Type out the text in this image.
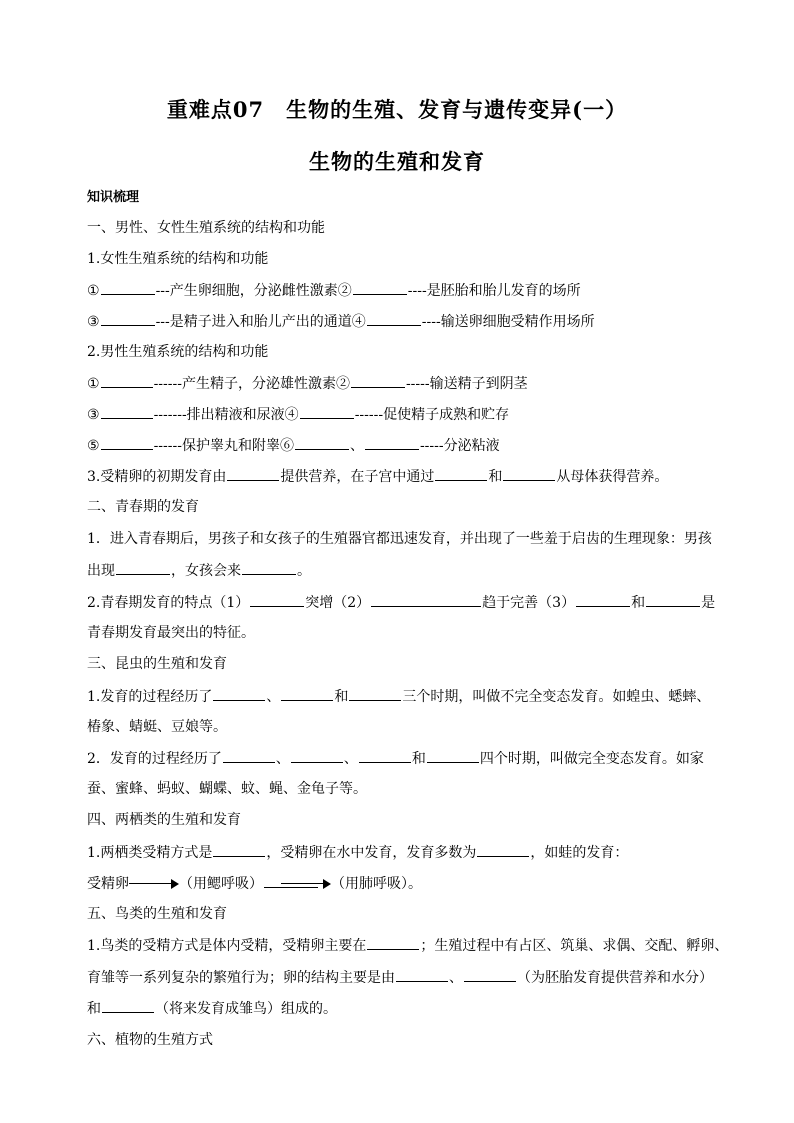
重难点07　生物的生殖、发育与遗传变异(一）
生物的生殖和发育
知识梳理
一、男性、女性生殖系统的结构和功能
1.女性生殖系统的结构和功能
①	---产生卵细胞，分泌雌性激素②	----是胚胎和胎儿发育的场所
③	---是精子进入和胎儿产出的通道④	----输送卵细胞受精作用场所
2.男性生殖系统的结构和功能
①	------产生精子，分泌雄性激素②	-----输送精子到阴茎
③	-------排出精液和尿液④	------促使精子成熟和贮存
⑤	------保护睾丸和附睾⑥	、	-----分泌粘液
3.受精卵的初期发育由	提供营养，在子宫中通过	和	从母体获得营养。
二、青春期的发育
1．进入青春期后，男孩子和女孩子的生殖器官都迅速发育，并出现了一些羞于启齿的生理现象：男孩
出现	，女孩会来	。
2.青春期发育的特点（1）	突增（2）	趋于完善（3）	和	是
青春期发育最突出的特征。
三、昆虫的生殖和发育
1.发育的过程经历了	、	和	三个时期，叫做不完全变态发育。如蝗虫、蟋蟀、
椿象、蜻蜓、豆娘等。
2．发育的过程经历了	、	、	和	四个时期，叫做完全变态发育。如家
蚕、蜜蜂、蚂蚁、蝴蝶、蚊、蝇、金龟子等。
四、两栖类的生殖和发育
1.两栖类受精方式是	，受精卵在水中发育，发育多数为	，如蛙的发育：
受精卵	（用鳃呼吸）	（用肺呼吸）。
五、鸟类的生殖和发育
1.鸟类的受精方式是体内受精，受精卵主要在	；生殖过程中有占区、筑巢、求偶、交配、孵卵、
育雏等一系列复杂的繁殖行为；卵的结构主要是由	、	（为胚胎发育提供营养和水分）
和	（将来发育成雏鸟）组成的。
六、植物的生殖方式
